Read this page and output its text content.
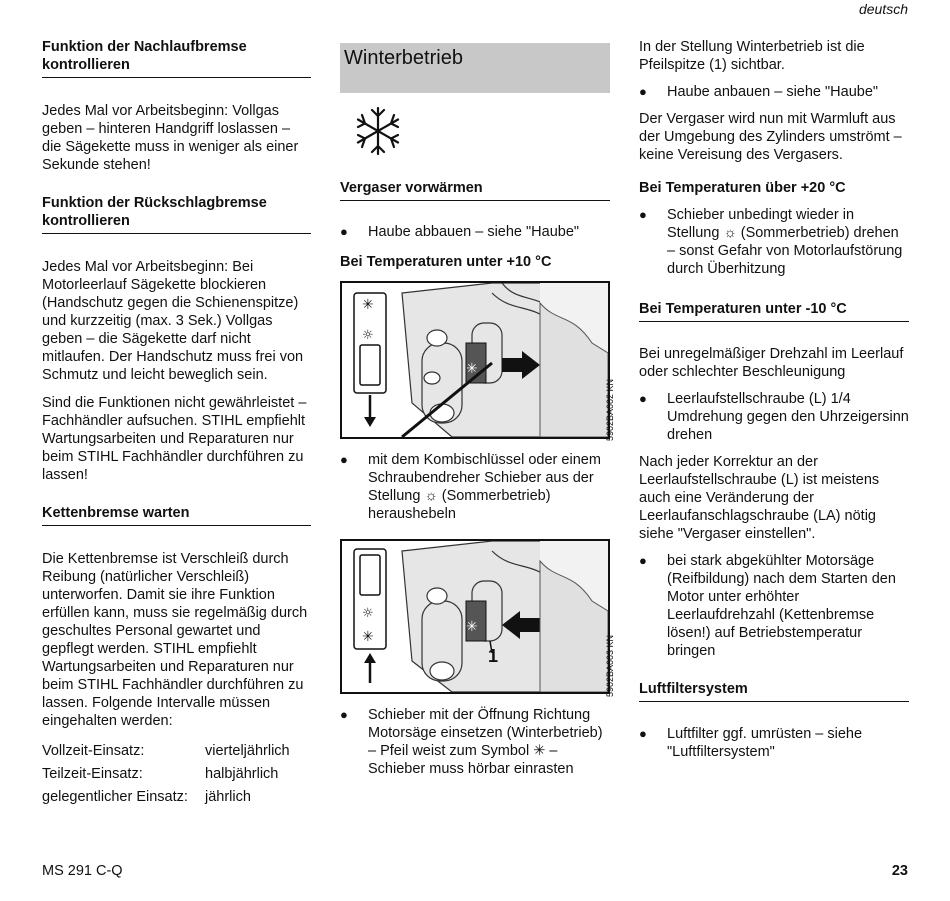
deutsch
Funktion der Nachlaufbremse kontrollieren

Jedes Mal vor Arbeitsbeginn: Vollgas geben – hinteren Handgriff loslassen – die Sägekette muss in weniger als einer Sekunde stehen!

Funktion der Rückschlagbremse kontrollieren

Jedes Mal vor Arbeitsbeginn: Bei Motorleerlauf Sägekette blockieren (Handschutz gegen die Schienenspitze) und kurzzeitig (max. 3 Sek.) Vollgas geben – die Sägekette darf nicht mitlaufen. Der Handschutz muss frei von Schmutz und leicht beweglich sein.

Sind die Funktionen nicht gewährleistet – Fachhändler aufsuchen. STIHL empfiehlt Wartungsarbeiten und Reparaturen nur beim STIHL Fachhändler durchführen zu lassen!

Kettenbremse warten

Die Kettenbremse ist Verschleiß durch Reibung (natürlicher Verschleiß) unterworfen. Damit sie ihre Funktion erfüllen kann, muss sie regelmäßig durch geschultes Personal gewartet und gepflegt werden. STIHL empfiehlt Wartungsarbeiten und Reparaturen nur beim STIHL Fachhändler durchführen zu lassen. Folgende Intervalle müssen eingehalten werden:

Vollzeit-Einsatz:	vierteljährlich
Teilzeit-Einsatz:	halbjährlich
gelegentlicher Einsatz:	jährlich
Winterbetrieb
Vergaser vorwärmen

● Haube abbauen – siehe "Haube"

Bei Temperaturen unter +10 °C

✳
✳
☼
5902BA002 KN

● mit dem Kombischlüssel oder einem Schraubendreher Schieber aus der Stellung ☼ (Sommerbetrieb) heraushebeln

✳
☼
✳
1	5902BA003 KN

● Schieber mit der Öffnung Richtung Motorsäge einsetzen (Winterbetrieb) – Pfeil weist zum Symbol ✳ – Schieber muss hörbar einrasten

In der Stellung Winterbetrieb ist die Pfeilspitze (1) sichtbar.

● Haube anbauen – siehe "Haube"

Der Vergaser wird nun mit Warmluft aus der Umgebung des Zylinders umströmt – keine Vereisung des Vergasers.

Bei Temperaturen über +20 °C

● Schieber unbedingt wieder in Stellung ☼ (Sommerbetrieb) drehen – sonst Gefahr von Motorlaufstörung durch Überhitzung

Bei Temperaturen unter -10 °C

Bei unregelmäßiger Drehzahl im Leerlauf oder schlechter Beschleunigung

● Leerlaufstellschraube (L) 1/4 Umdrehung gegen den Uhrzeigersinn drehen

Nach jeder Korrektur an der Leerlaufstellschraube (L) ist meistens auch eine Veränderung der Leerlaufanschlagschraube (LA) nötig siehe "Vergaser einstellen".

● bei stark abgekühlter Motorsäge (Reifbildung) nach dem Starten den Motor unter erhöhter Leerlaufdrehzahl (Kettenbremse lösen!) auf Betriebstemperatur bringen

Luftfiltersystem

● Luftfilter ggf. umrüsten – siehe "Luftfiltersystem"

MS 291 C-Q	23
